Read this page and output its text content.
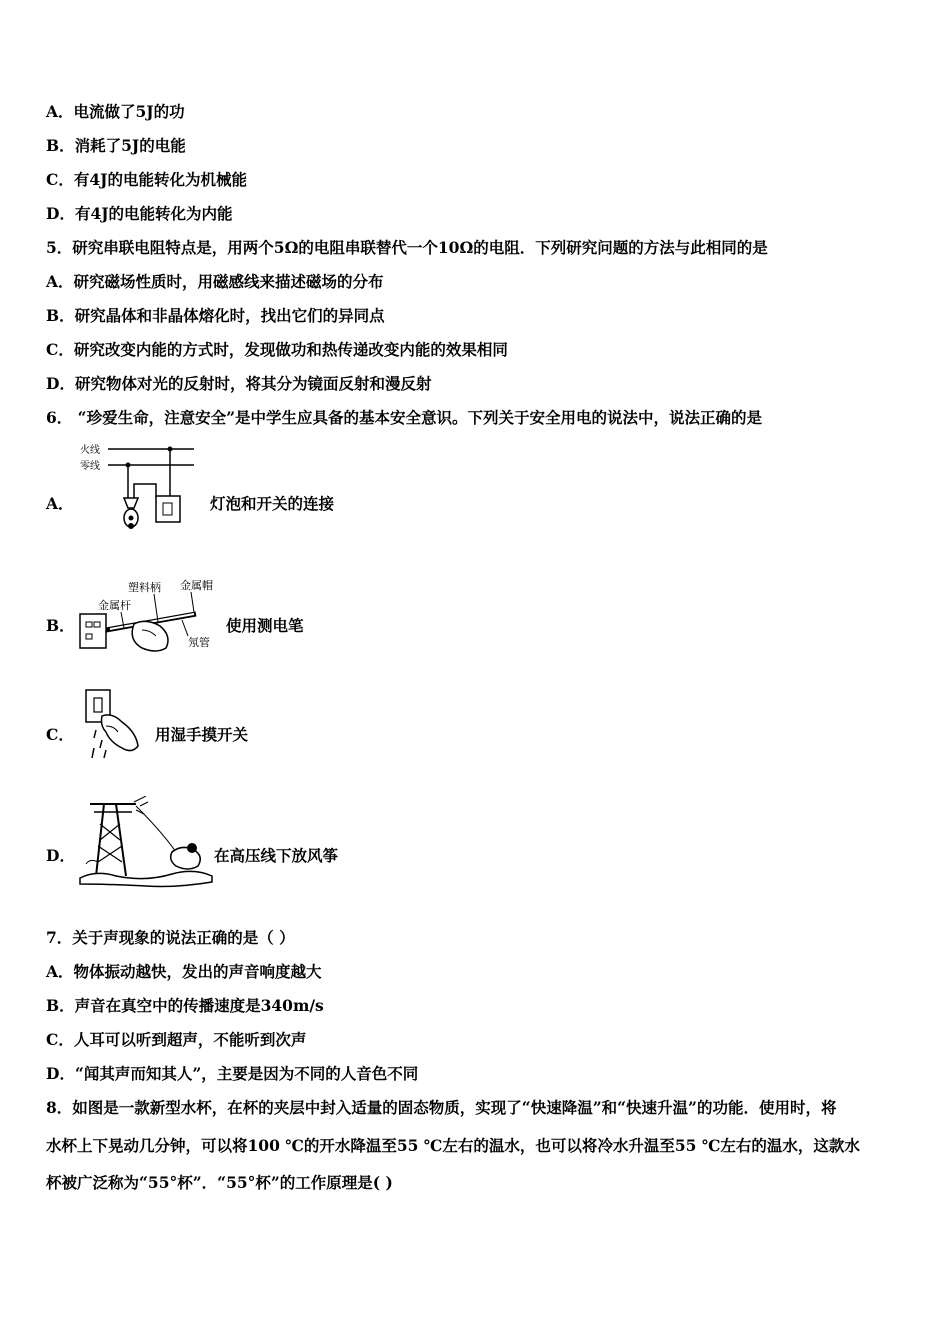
A．电流做了5J的功
B．消耗了5J的电能
C．有4J的电能转化为机械能
D．有4J的电能转化为内能
5．研究串联电阻特点是，用两个5Ω的电阻串联替代一个10Ω的电阻．下列研究问题的方法与此相同的是
A．研究磁场性质时，用磁感线来描述磁场的分布
B．研究晶体和非晶体熔化时，找出它们的异同点
C．研究改变内能的方式时，发现做功和热传递改变内能的效果相同
D．研究物体对光的反射时，将其分为镜面反射和漫反射
6． “珍爱生命，注意安全”是中学生应具备的基本安全意识。下列关于安全用电的说法中，说法正确的是
A．
火线
零线
灯泡和开关的连接
B．
塑料柄 金属帽
金属杆
氖管
使用测电笔
C．	用湿手摸开关
D．	在高压线下放风筝
7．关于声现象的说法正确的是（ ）
A．物体振动越快，发出的声音响度越大
B．声音在真空中的传播速度是340m/s
C．人耳可以听到超声，不能听到次声
D．“闻其声而知其人”，主要是因为不同的人音色不同
8．如图是一款新型水杯，在杯的夹层中封入适量的固态物质，实现了“快速降温”和“快速升温”的功能．使用时，将
水杯上下晃动几分钟，可以将100 ℃的开水降温至55 ℃左右的温水，也可以将冷水升温至55 ℃左右的温水，这款水
杯被广泛称为“55°杯”．“55°杯”的工作原理是( )
